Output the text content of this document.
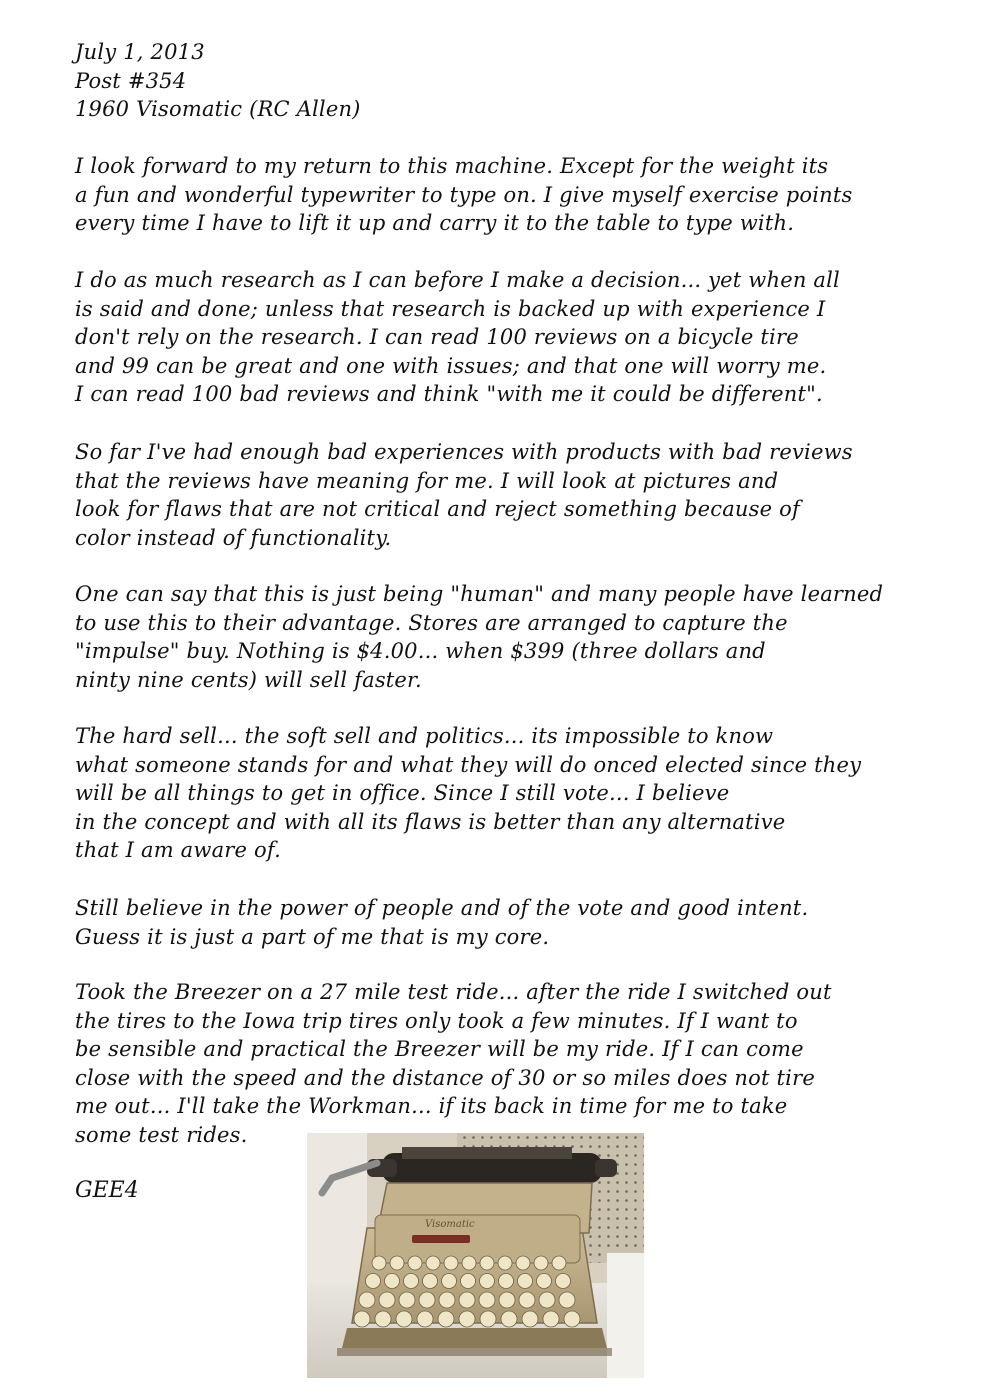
July 1, 2013
Post #354
1960 Visomatic (RC Allen)
I look forward to my return to this machine. Except for the weight its
a fun and wonderful typewriter to type on. I give myself exercise points
every time I have to lift it up and carry it to the table to type with.
I do as much research as I can before I make a decision... yet when all
is said and done; unless that research is backed up with experience I
don't rely on the research. I can read 100 reviews on a bicycle tire
and 99 can be great and one with issues; and that one will worry me.
I can read 100 bad reviews and think "with me it could be different".
So far I've had enough bad experiences with products with bad reviews
that the reviews have meaning for me. I will look at pictures and
look for flaws that are not critical and reject something because of
color instead of functionality.
One can say that this is just being "human" and many people have learned
to use this to their advantage. Stores are arranged to capture the
"impulse" buy. Nothing is $4.00... when $399 (three dollars and
ninty nine cents) will sell faster.
The hard sell... the soft sell and politics... its impossible to know
what someone stands for and what they will do onced elected since they
will be all things to get in office. Since I still vote... I believe
in the concept and with all its flaws is better than any alternative
that I am aware of.
Still believe in the power of people and of the vote and good intent.
Guess it is just a part of me that is my core.
Took the Breezer on a 27 mile test ride... after the ride I switched out
the tires to the Iowa trip tires only took a few minutes. If I want to
be sensible and practical the Breezer will be my ride. If I can come
close with the speed and the distance of 30 or so miles does not tire
me out... I'll take the Workman... if its back in time for me to take
some test rides.
GEE4
Visomatic
